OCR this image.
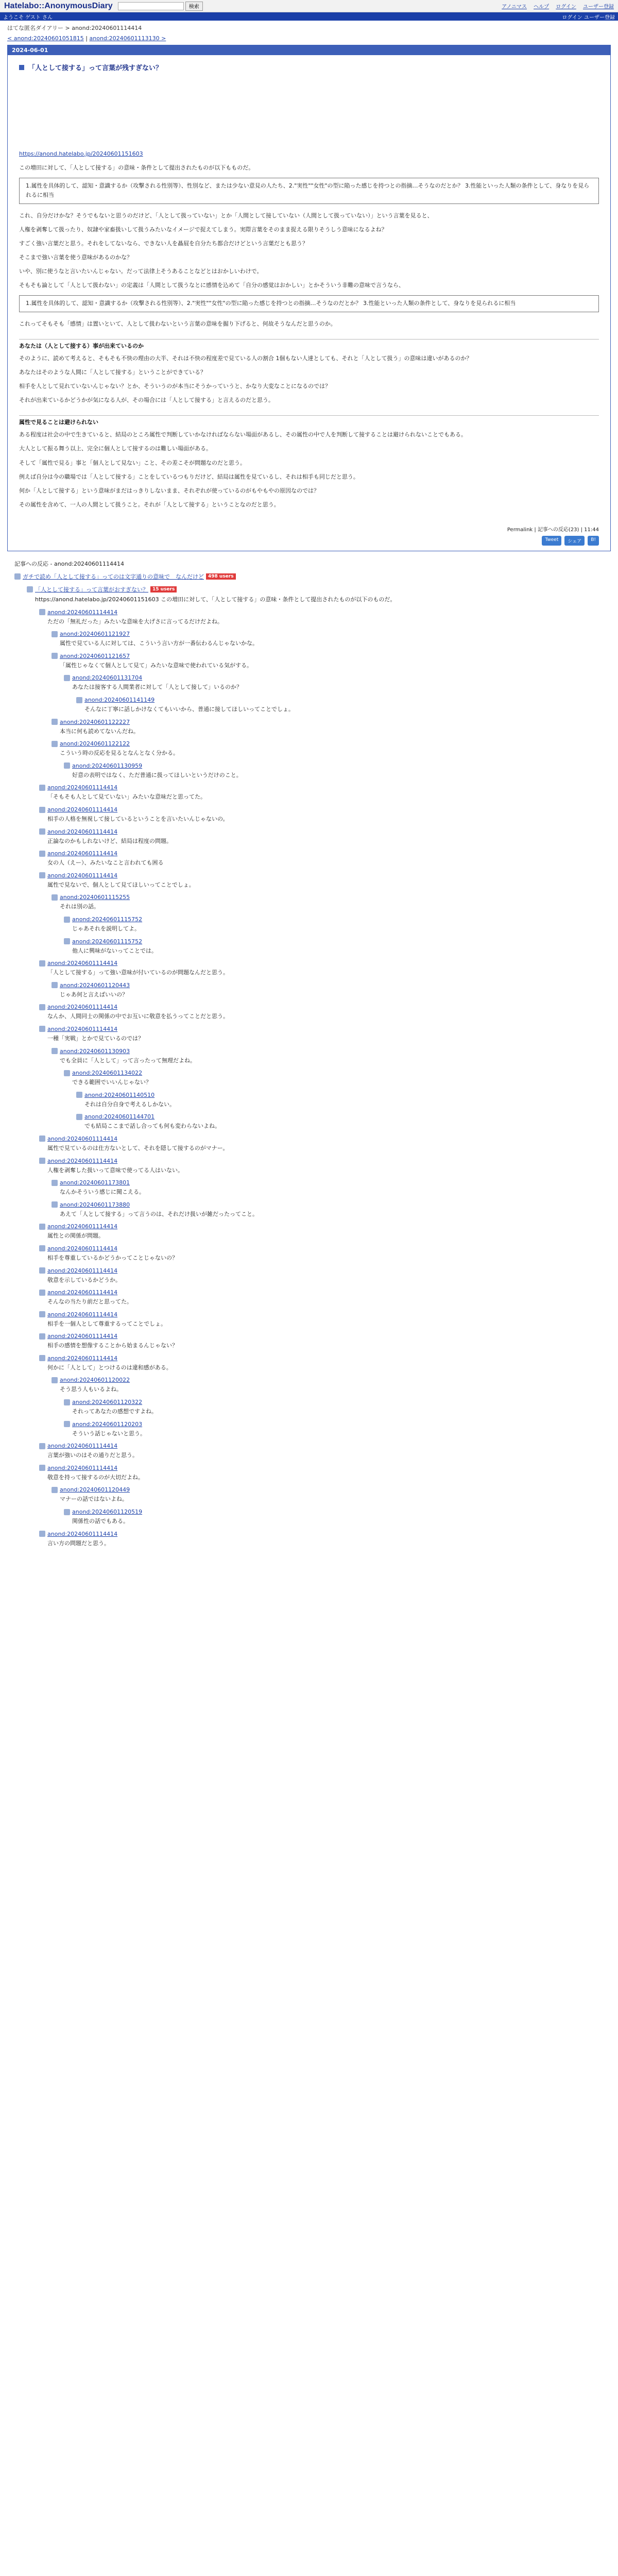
Hatelabo::AnonymousDiary	検索	アノニマス ヘルプ ログイン ユーザー登録
ようこそ ゲスト さん	ログイン ユーザー登録
はてな匿名ダイアリー > anond:20240601114414
< anond:20240601051815 | anond:20240601113130 >
2024-06-01
「人として接する」って言葉が残すぎない？

https://anond.hatelabo.jp/20240601151603

この増田に対して、「人として接する」の意味・条件として提出されたものが以下もものだ。

1.属性を具体的して、認知・意識するか（攻撃される性別等）、性別など、または少ない意見の人たち、2."実性""女性"の型に陥った感じを持つとの指摘…そうなのだとか？ 3.性能といった人類の条件として、身なりを見られるに相当

これ、自分だけかな？そうでもないと思うのだけど、「人として扱っていない」とか「人間として接していない（人間として扱っていない）」という言葉を見ると、

人権を剥奪して扱ったり、奴隷や家畜扱いして扱うみたいなイメージで捉えてしまう。実際言葉をそのまま捉える限りそうしう意味になるよね？

すごく強い言葉だと思う。それをしてないなら、できない人を贔屓を自分たち都合だけどという言葉だとも思う？

そこまで強い言葉を使う意味があるのかな？

いや、別に使うなと言いたいんじゃない。だって法律上そうあることなどとはおかしいわけで。

そもそも論として「人として扱わない」の定義は「人間として扱うなとに感情を込めて「自分の感覚はおかしい」とかそういう非難の意味で言うなら、

1.属性を具体的して、認知・意識するか（攻撃される性別等）、2."実性""女性"の型に陥った感じを持つとの指摘…そうなのだとか？ 3.性能といった人類の条件として、身なりを見られるに相当

これってそもそも「感情」は置いといて、人として扱わないという言葉の意味を掘り下げると、何故そうなんだと思うのか。

あなたは（人として接する）事が出来ているのか

そのように、読めて考えると、そもそも不快の理由の大半、それは不快の程度差で見ている人の割合 1個もない人達としても、それと「人として扱う」の意味は違いがあるのか？

あなたはそのような人間に「人として接する」ということができている？

相手を人として見れていないんじゃない？とか、そういうのが本当にそうかっていうと、かなり大変なことになるのでは？

それが出来ているかどうかが気になる人が、その場合には「人として接する」と言えるのだと思う。

属性で見ることは避けられない

ある程度は社会の中で生きていると、結局のところ属性で判断していかなければならない場面があるし、その属性の中で人を判断して接することは避けられないことでもある。

大人として振る舞う以上、完全に個人として接するのは難しい場面がある。

そして「属性で見る」事と「個人として見ない」こと、その差こそが問題なのだと思う。

例えば自分は今の職場では「人として接する」ことをしているつもりだけど、結局は属性を見ているし、それは相手も同じだと思う。

何か「人として接する」という意味がまだはっきりしないまま、それぞれが使っているのがもやもやの原因なのでは？

その属性を含めて、一人の人間として扱うこと。それが「人として接する」ということなのだと思う。

Permalink | 記事への反応(23) | 11:44
Tweet	シェア	B!
記事への反応 - anond:20240601114414
ガチで読め「人として接する」ってのは文字通りの意味で　なんだけど 498 users
「人として接する」って言葉がおすぎない？ 15 users
https://anond.hatelabo.jp/20240601151603 この増田に対して、「人として接する」の意味・条件として提出されたものが以下のものだ。
anond:20240601114414
ただの「無礼だった」みたいな意味を大げさに言ってるだけだよね。
anond:20240601121927
属性で見ている人に対しては、こういう言い方が一番伝わるんじゃないかな。
anond:20240601121657
「属性じゃなくて個人として見て」みたいな意味で使われている気がする。
anond:20240601131704
あなたは接客する人間業者に対して「人として接して」いるのか？
anond:20240601141149
そんなに丁寧に話しかけなくてもいいから、普通に接してほしいってことでしょ。
anond:20240601122227
本当に何も読めてないんだね。
anond:20240601122122
こういう時の反応を見るとなんとなく分かる。
anond:20240601130959
好意の表明ではなく、ただ普通に扱ってほしいというだけのこと。
anond:20240601114414
「そもそも人として見ていない」みたいな意味だと思ってた。
anond:20240601114414
相手の人格を無視して接しているということを言いたいんじゃないの。
anond:20240601114414
正論なのかもしれないけど、結局は程度の問題。
anond:20240601114414
女の人（えー）、みたいなこと言われても困る
anond:20240601114414
属性で見ないで、個人として見てほしいってことでしょ。
anond:20240601115255
それは別の話。
anond:20240601115752
じゃあそれを説明してよ。
anond:20240601115752
他人に興味がないってことでは。
anond:20240601114414
「人として接する」って強い意味が付いているのが問題なんだと思う。
anond:20240601120443
じゃあ何と言えばいいの？
anond:20240601114414
なんか、人間同士の関係の中でお互いに敬意を払うってことだと思う。
anond:20240601114414
一種「実戦」とかで見ているのでは？
anond:20240601130903
でも全員に「人として」って言ったって無理だよね。
anond:20240601134022
できる範囲でいいんじゃない？
anond:20240601140510
それは自分自身で考えるしかない。
anond:20240601144701
でも結局ここまで話し合っても何も変わらないよね。
anond:20240601114414
属性で見ているのは仕方ないとして、それを隠して接するのがマナー。
anond:20240601114414
人権を剥奪した扱いって意味で使ってる人はいない。
anond:20240601173801
なんかそういう感じに聞こえる。
anond:20240601173880
あえて「人として接する」って言うのは、それだけ扱いが雑だったってこと。
anond:20240601114414
属性との関係が問題。
anond:20240601114414
相手を尊重しているかどうかってことじゃないの？
anond:20240601114414
敬意を示しているかどうか。
anond:20240601114414
そんなの当たり前だと思ってた。
anond:20240601114414
相手を一個人として尊重するってことでしょ。
anond:20240601114414
相手の感情を想像することから始まるんじゃない？
anond:20240601114414
何かに「人として」とつけるのは違和感がある。
anond:20240601120022
そう思う人もいるよね。
anond:20240601120322
それってあなたの感想ですよね。
anond:20240601120203
そういう話じゃないと思う。
anond:20240601114414
言葉が強いのはその通りだと思う。
anond:20240601114414
敬意を持って接するのが大切だよね。
anond:20240601120449
マナーの話ではないよね。
anond:20240601120519
関係性の話でもある。
anond:20240601114414
言い方の問題だと思う。
